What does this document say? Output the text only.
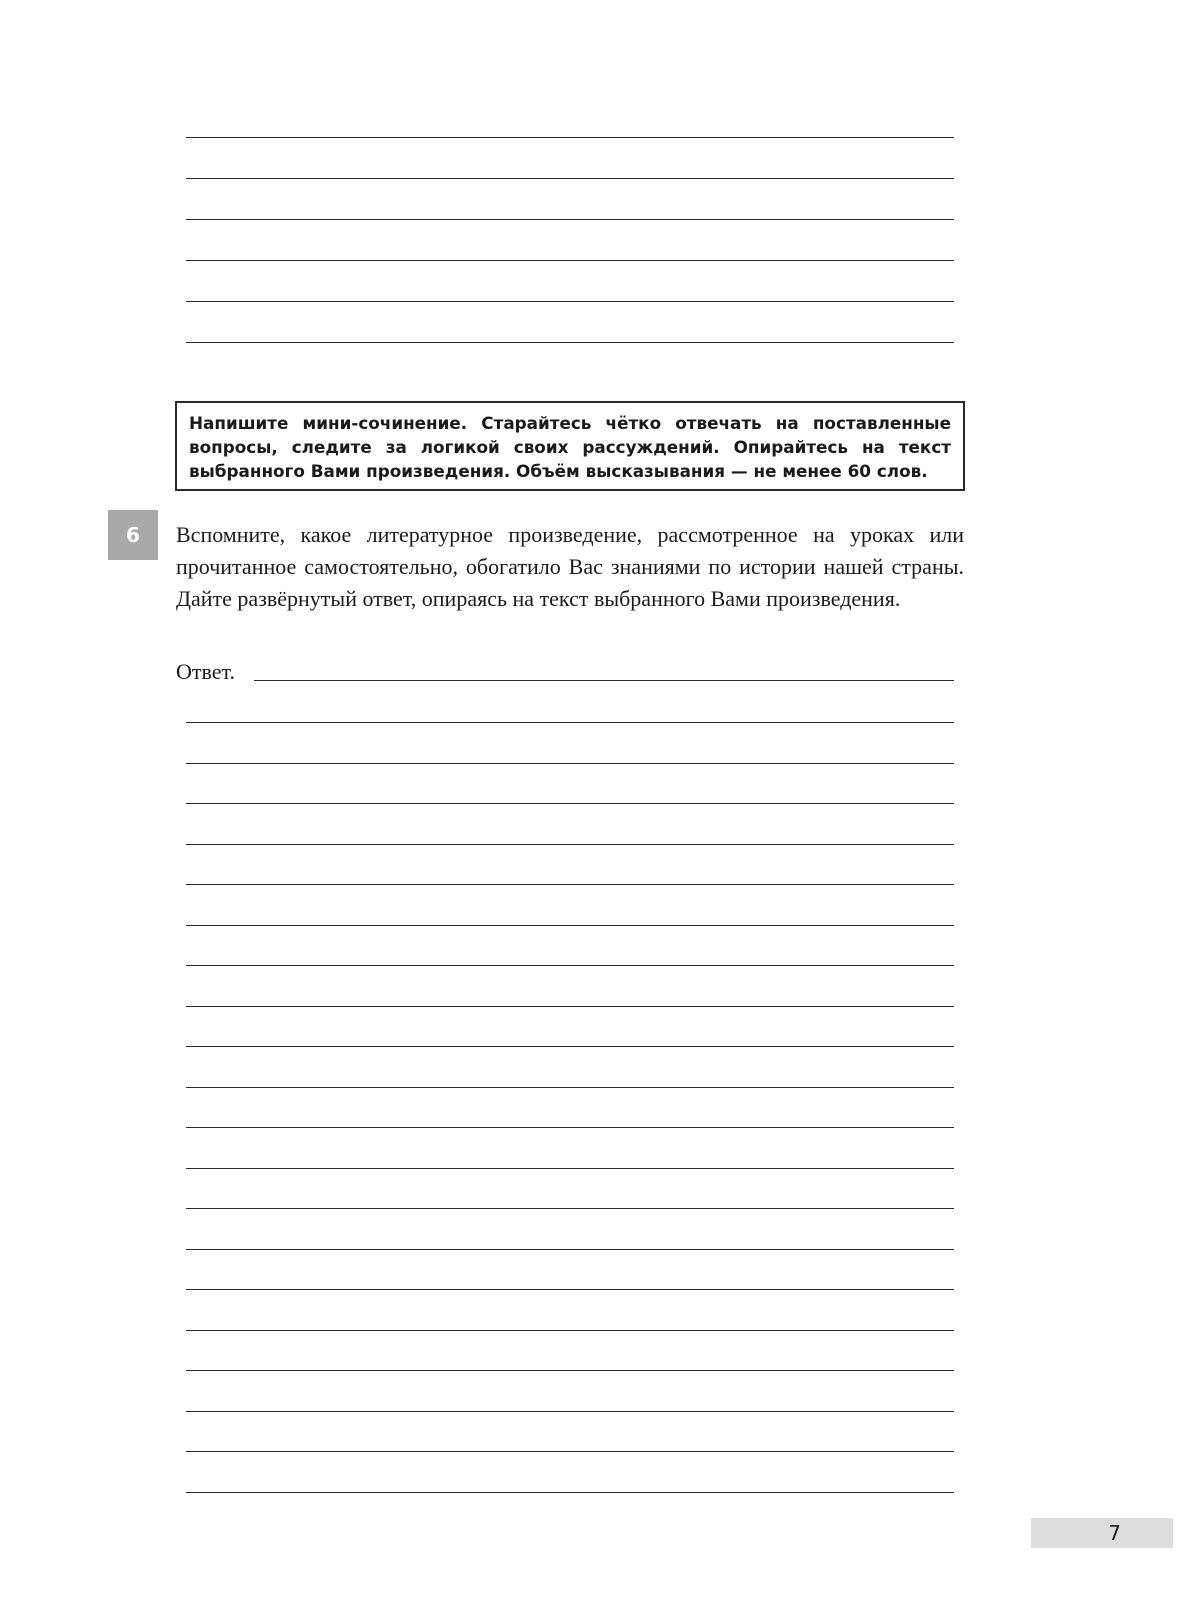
Напишите мини-сочинение. Старайтесь чётко отвечать на поставленные вопросы, следите за логикой своих рассуждений. Опирайтесь на текст выбранного Вами произведения. Объём высказывания — не менее 60 слов.
6	Вспомните, какое литературное произведение, рассмотренное на уроках или прочитанное самостоятельно, обогатило Вас знаниями по истории нашей страны. Дайте развёрнутый ответ, опираясь на текст выбранного Вами произведения.
Ответ.
7
